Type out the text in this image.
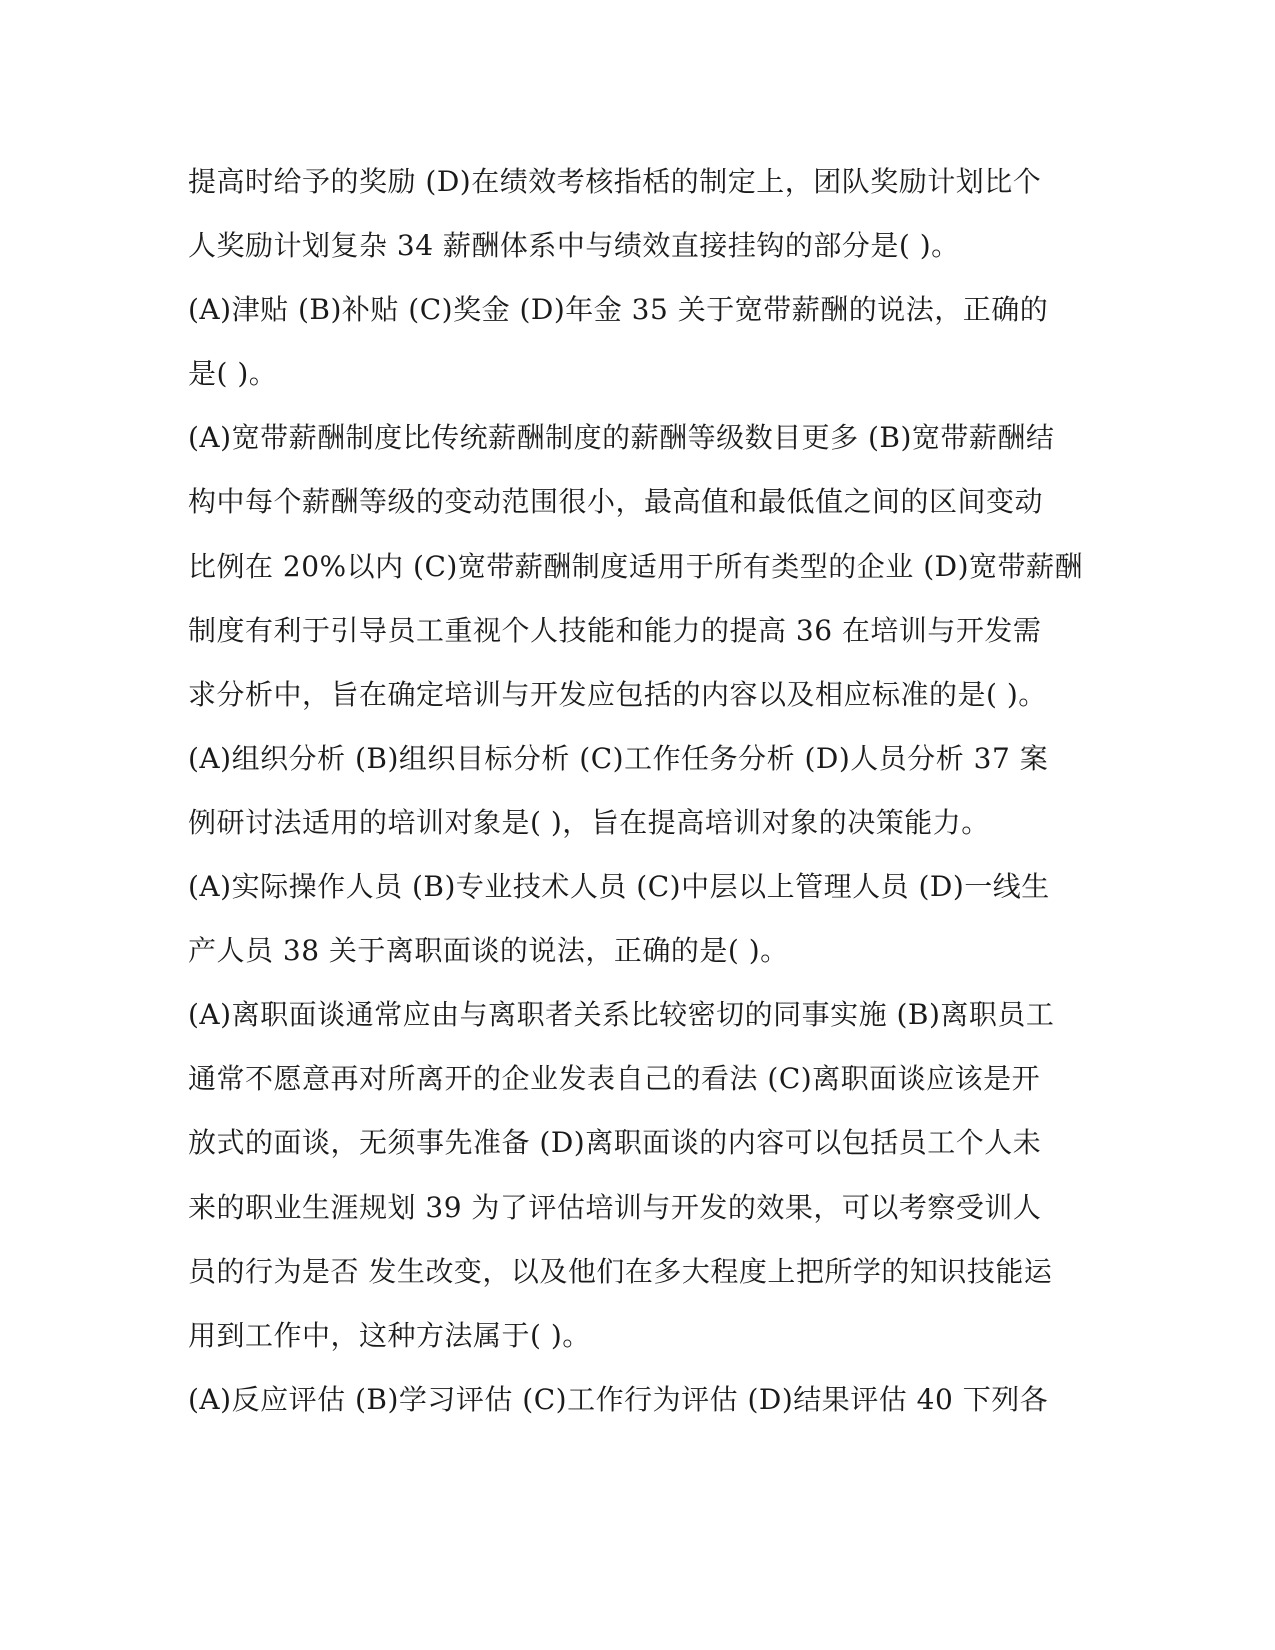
提高时给予的奖励 (D)在绩效考核指栝的制定上，团队奖励计划比个
人奖励计划复杂 34 薪酬体系中与绩效直接挂钩的部分是( )。
(A)津贴 (B)补贴 (C)奖金 (D)年金 35 关于宽带薪酬的说法，正确的
是( )。
(A)宽带薪酬制度比传统薪酬制度的薪酬等级数目更多 (B)宽带薪酬结
构中每个薪酬等级的变动范围很小，最高值和最低值之间的区间变动
比例在 20%以内 (C)宽带薪酬制度适用于所有类型的企业 (D)宽带薪酬
制度有利于引导员工重视个人技能和能力的提高 36 在培训与开发需
求分析中，旨在确定培训与开发应包括的内容以及相应标准的是( )。
(A)组织分析 (B)组织目标分析 (C)工作任务分析 (D)人员分析 37 案
例研讨法适用的培训对象是( )，旨在提高培训对象的决策能力。
(A)实际操作人员 (B)专业技术人员 (C)中层以上管理人员 (D)一线生
产人员 38 关于离职面谈的说法，正确的是( )。
(A)离职面谈通常应由与离职者关系比较密切的同事实施 (B)离职员工
通常不愿意再对所离开的企业发表自己的看法 (C)离职面谈应该是开
放式的面谈，无须事先准备 (D)离职面谈的内容可以包括员工个人未
来的职业生涯规划 39 为了评估培训与开发的效果，可以考察受训人
员的行为是否 发生改变，以及他们在多大程度上把所学的知识技能运
用到工作中，这种方法属于( )。
(A)反应评估 (B)学习评估 (C)工作行为评估 (D)结果评估 40 下列各
